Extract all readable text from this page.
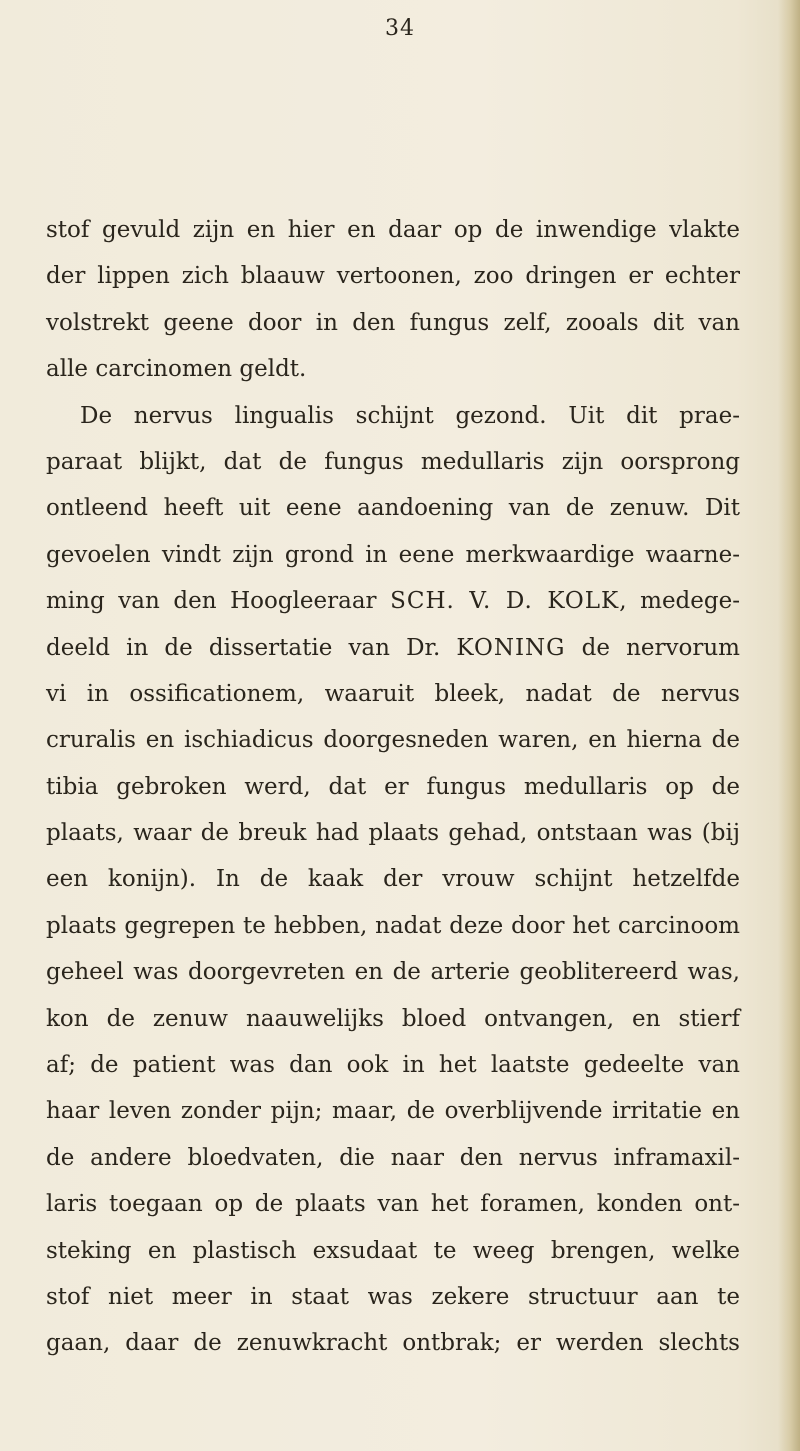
34
stof gevuld zijn en hier en daar op de inwendige vlakte
der lippen zich blaauw vertoonen, zoo dringen er echter
volstrekt geene door in den fungus zelf, zooals dit van
alle carcinomen geldt.
De nervus lingualis schijnt gezond. Uit dit prae-
paraat blijkt, dat de fungus medullaris zijn oorsprong
ontleend heeft uit eene aandoening van de zenuw. Dit
gevoelen vindt zijn grond in eene merkwaardige waarne-
ming van den Hoogleeraar SCH. V. D. KOLK, medege-
deeld in de dissertatie van Dr. KONING de nervorum
vi in ossificationem, waaruit bleek, nadat de nervus
cruralis en ischiadicus doorgesneden waren, en hierna de
tibia gebroken werd, dat er fungus medullaris op de
plaats, waar de breuk had plaats gehad, ontstaan was (bij
een konijn). In de kaak der vrouw schijnt hetzelfde
plaats gegrepen te hebben, nadat deze door het carcinoom
geheel was doorgevreten en de arterie geoblitereerd was,
kon de zenuw naauwelijks bloed ontvangen, en stierf
af; de patient was dan ook in het laatste gedeelte van
haar leven zonder pijn; maar, de overblijvende irritatie en
de andere bloedvaten, die naar den nervus inframaxil-
laris toegaan op de plaats van het foramen, konden ont-
steking en plastisch exsudaat te weeg brengen, welke
stof niet meer in staat was zekere structuur aan te
gaan, daar de zenuwkracht ontbrak; er werden slechts
